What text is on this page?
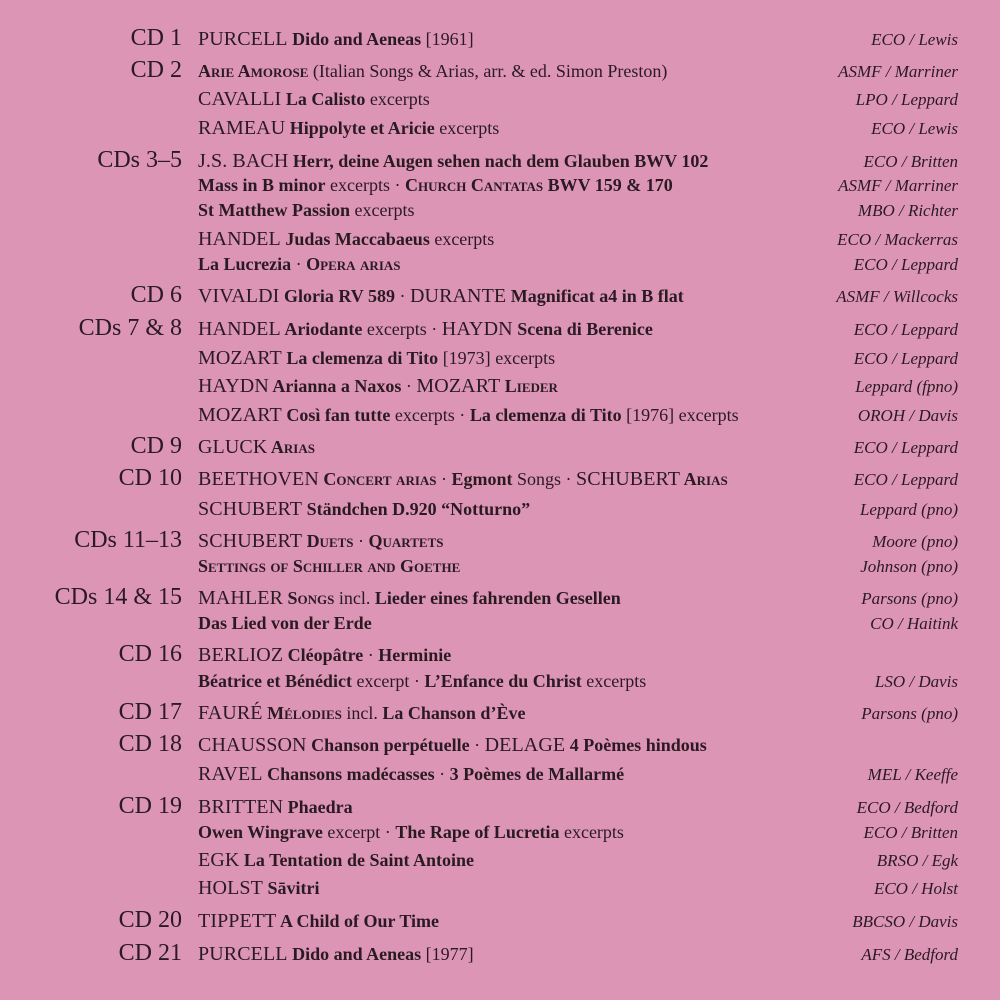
CD 1 PURCELL Dido and Aeneas [1961]	ECO / Lewis
CD 2 Arie Amorose (Italian Songs & Arias, arr. & ed. Simon Preston)	ASMF / Marriner
CAVALLI La Calisto excerpts	LPO / Leppard
RAMEAU Hippolyte et Aricie excerpts	ECO / Lewis
CDs 3–5 J.S. BACH Herr, deine Augen sehen nach dem Glauben BWV 102	ECO / Britten
Mass in B minor excerpts · Church Cantatas BWV 159 & 170	ASMF / Marriner
St Matthew Passion excerpts	MBO / Richter
HANDEL Judas Maccabaeus excerpts	ECO / Mackerras
La Lucrezia · Opera arias	ECO / Leppard
CD 6 VIVALDI Gloria RV 589 · DURANTE Magnificat a4 in B flat	ASMF / Willcocks
CDs 7 & 8 HANDEL Ariodante excerpts · HAYDN Scena di Berenice	ECO / Leppard
MOZART La clemenza di Tito [1973] excerpts	ECO / Leppard
HAYDN Arianna a Naxos · MOZART Lieder	Leppard (fpno)
MOZART Così fan tutte excerpts · La clemenza di Tito [1976] excerpts	OROH / Davis
CD 9 GLUCK Arias	ECO / Leppard
CD 10 BEETHOVEN Concert arias · Egmont Songs · SCHUBERT Arias	ECO / Leppard
SCHUBERT Ständchen D.920 “Notturno”	Leppard (pno)
CDs 11–13 SCHUBERT Duets · Quartets	Moore (pno)
Settings of Schiller and Goethe	Johnson (pno)
CDs 14 & 15 MAHLER Songs incl. Lieder eines fahrenden Gesellen	Parsons (pno)
Das Lied von der Erde	CO / Haitink
CD 16 BERLIOZ Cléopâtre · Herminie
Béatrice et Bénédict excerpt · L’Enfance du Christ excerpts	LSO / Davis
CD 17 FAURÉ Mélodies incl. La Chanson d’Ève	Parsons (pno)
CD 18 CHAUSSON Chanson perpétuelle · DELAGE 4 Poèmes hindous
RAVEL Chansons madécasses · 3 Poèmes de Mallarmé	MEL / Keeffe
CD 19 BRITTEN Phaedra	ECO / Bedford
Owen Wingrave excerpt · The Rape of Lucretia excerpts	ECO / Britten
EGK La Tentation de Saint Antoine	BRSO / Egk
HOLST Sāvitri	ECO / Holst
CD 20 TIPPETT A Child of Our Time	BBCSO / Davis
CD 21 PURCELL Dido and Aeneas [1977]	AFS / Bedford
